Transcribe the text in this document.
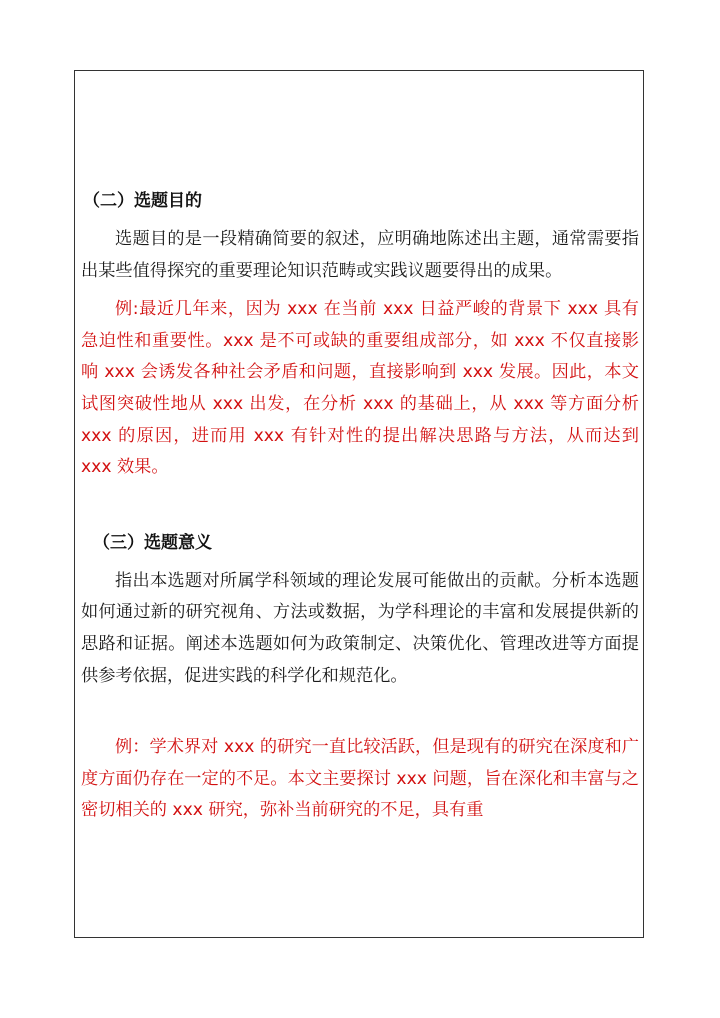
（二）选题目的

选题目的是一段精确简要的叙述，应明确地陈述出主题，通常需要指出某些值得探究的重要理论知识范畴或实践议题要得出的成果。

例:最近几年来，因为 xxx 在当前 xxx 日益严峻的背景下 xxx 具有急迫性和重要性。xxx 是不可或缺的重要组成部分，如 xxx 不仅直接影响 xxx 会诱发各种社会矛盾和问题，直接影响到 xxx 发展。因此，本文试图突破性地从 xxx 出发，在分析 xxx 的基础上，从 xxx 等方面分析 xxx 的原因，进而用 xxx 有针对性的提出解决思路与方法，从而达到 xxx 效果。

（三）选题意义

指出本选题对所属学科领域的理论发展可能做出的贡献。分析本选题如何通过新的研究视角、方法或数据，为学科理论的丰富和发展提供新的思路和证据。阐述本选题如何为政策制定、决策优化、管理改进等方面提供参考依据，促进实践的科学化和规范化。

例：学术界对 xxx 的研究一直比较活跃，但是现有的研究在深度和广度方面仍存在一定的不足。本文主要探讨 xxx 问题，旨在深化和丰富与之密切相关的 xxx 研究，弥补当前研究的不足，具有重
